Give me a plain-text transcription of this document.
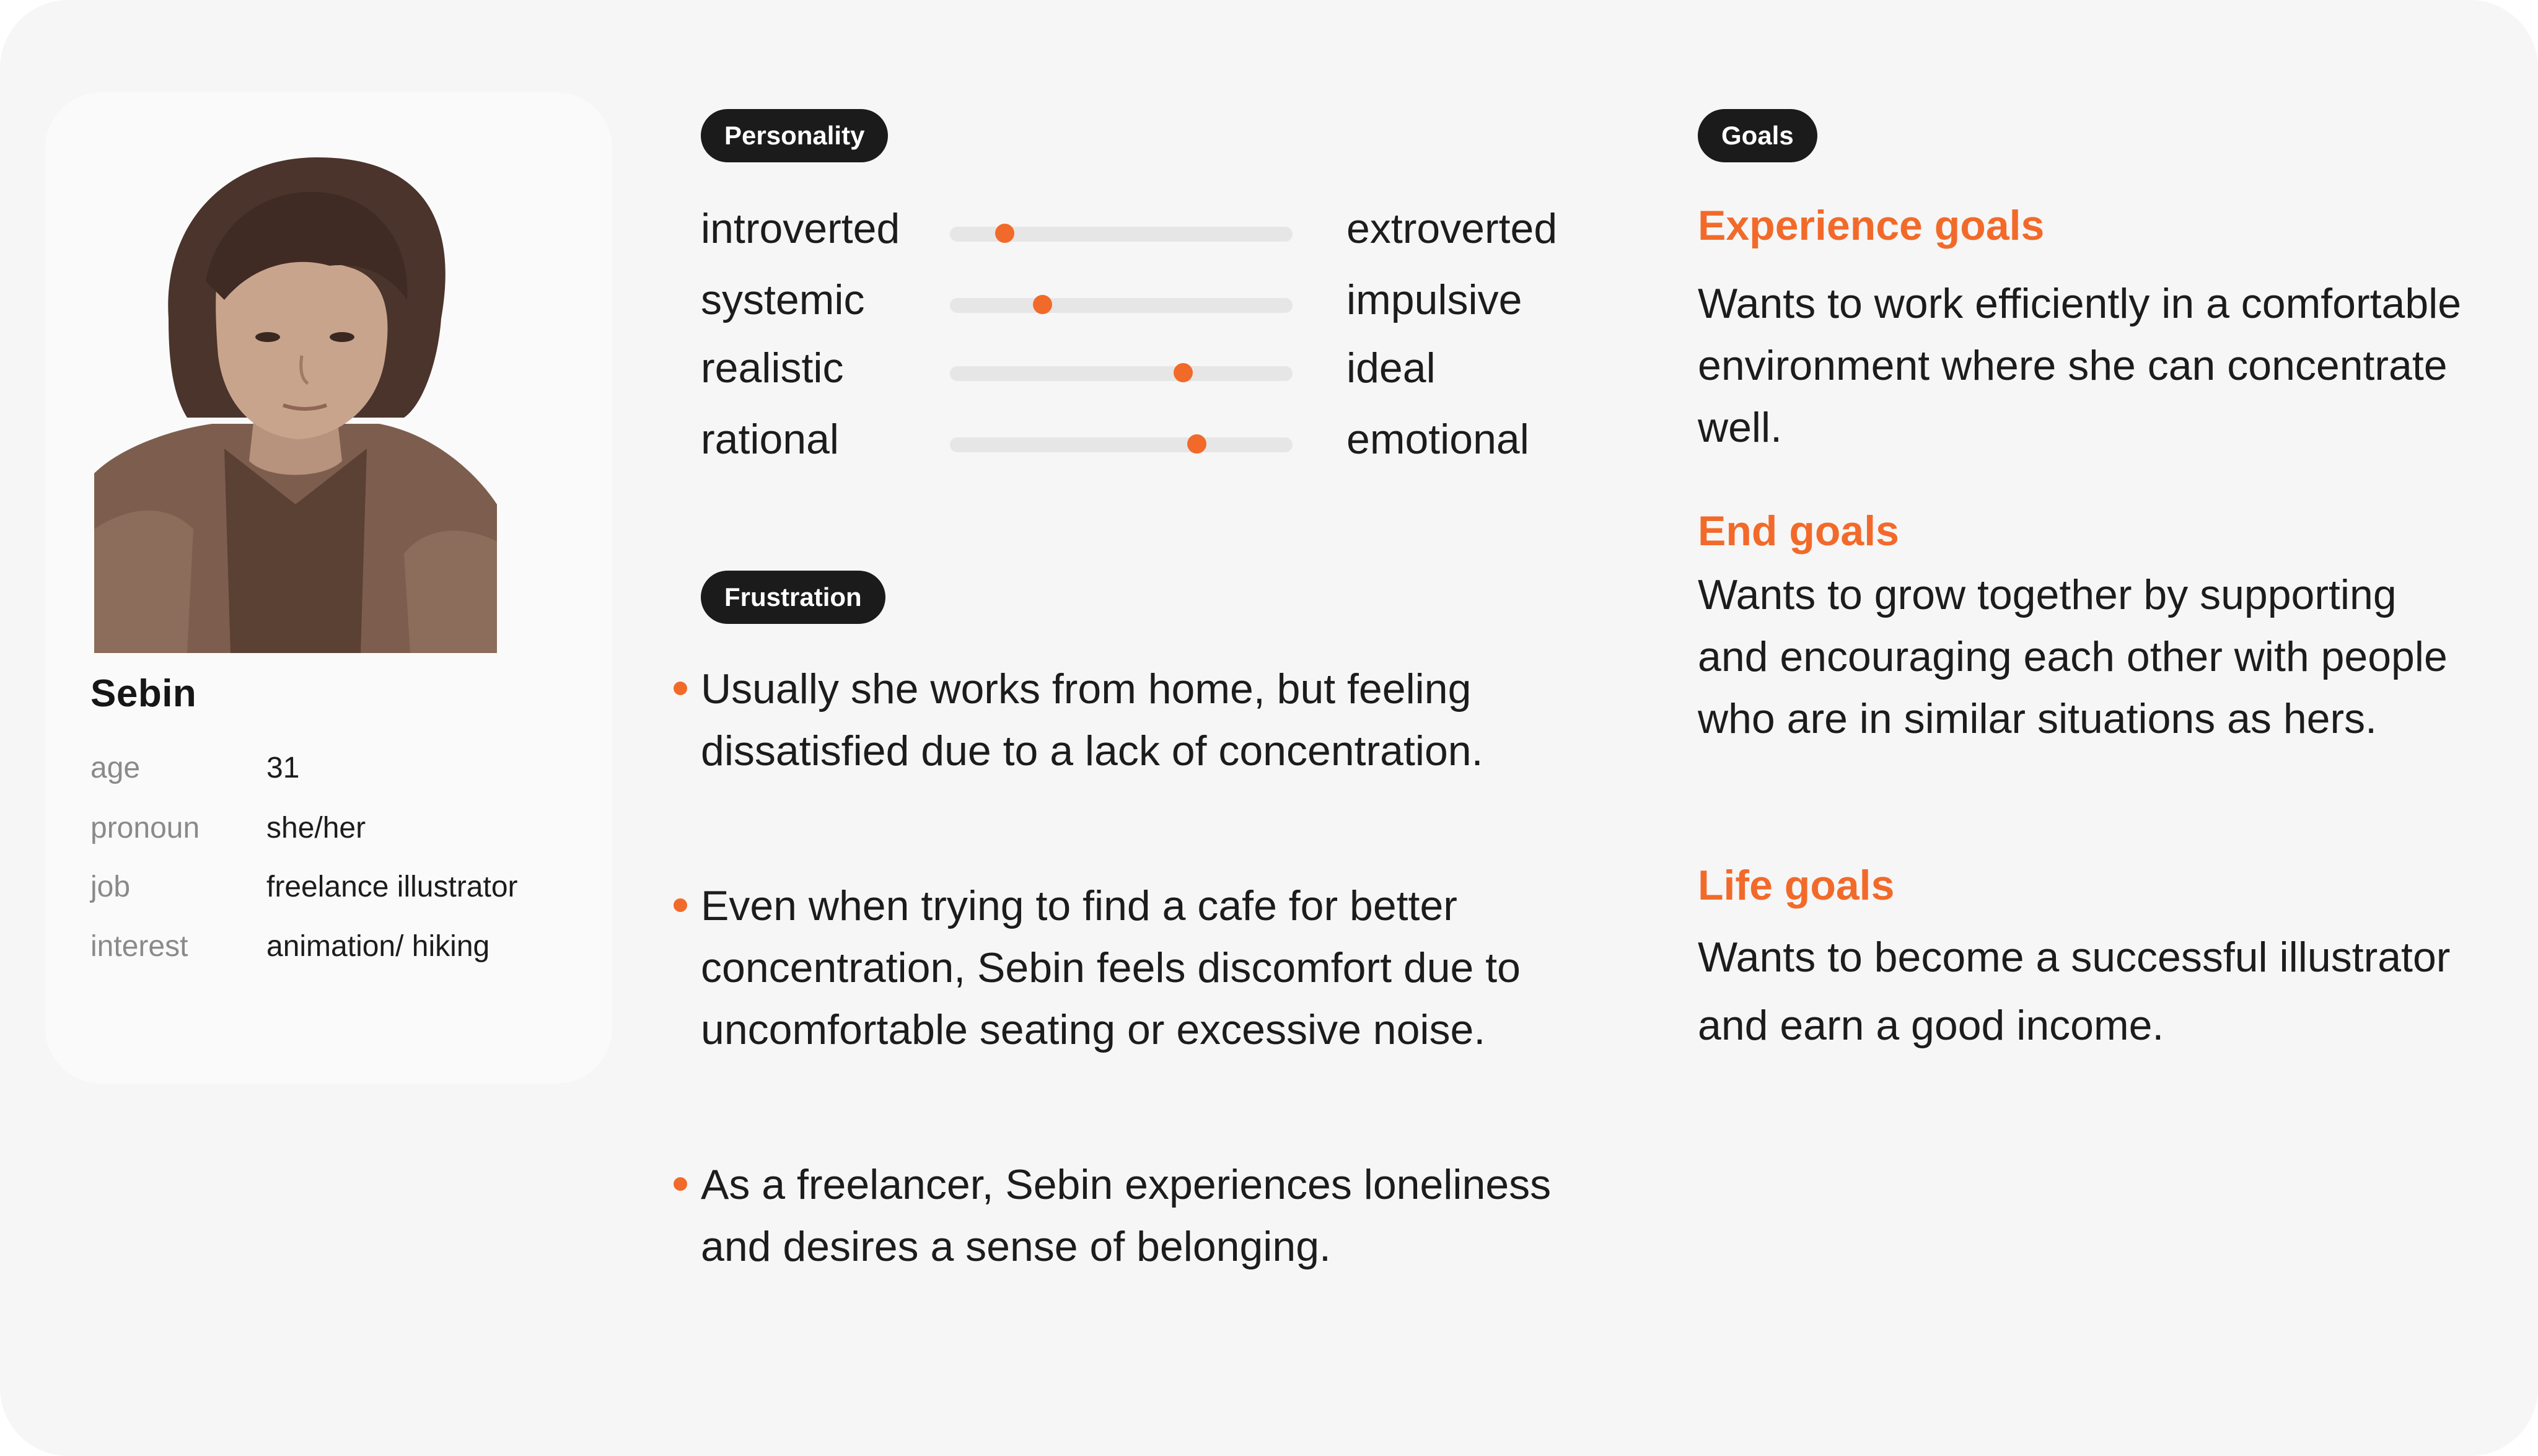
Sebin
age	31
pronoun	she/her
job	freelance illustrator
interest	animation/ hiking
Personality
introverted	extroverted
systemic	impulsive
realistic	ideal
rational	emotional
Frustration
Usually she works from home, but feeling dissatisfied due to a lack of concentration.
Even when trying to find a cafe for better concentration, Sebin feels discomfort due to uncomfortable seating or excessive noise.
As a freelancer, Sebin experiences loneliness and desires a sense of belonging.
Goals
Experience goals
Wants to work efficiently in a comfortable environment where she can concentrate well.
End goals
Wants to grow together by supporting and encouraging each other with people who are in similar situations as hers.
Life goals
Wants to become a successful illustrator and earn a good income.
